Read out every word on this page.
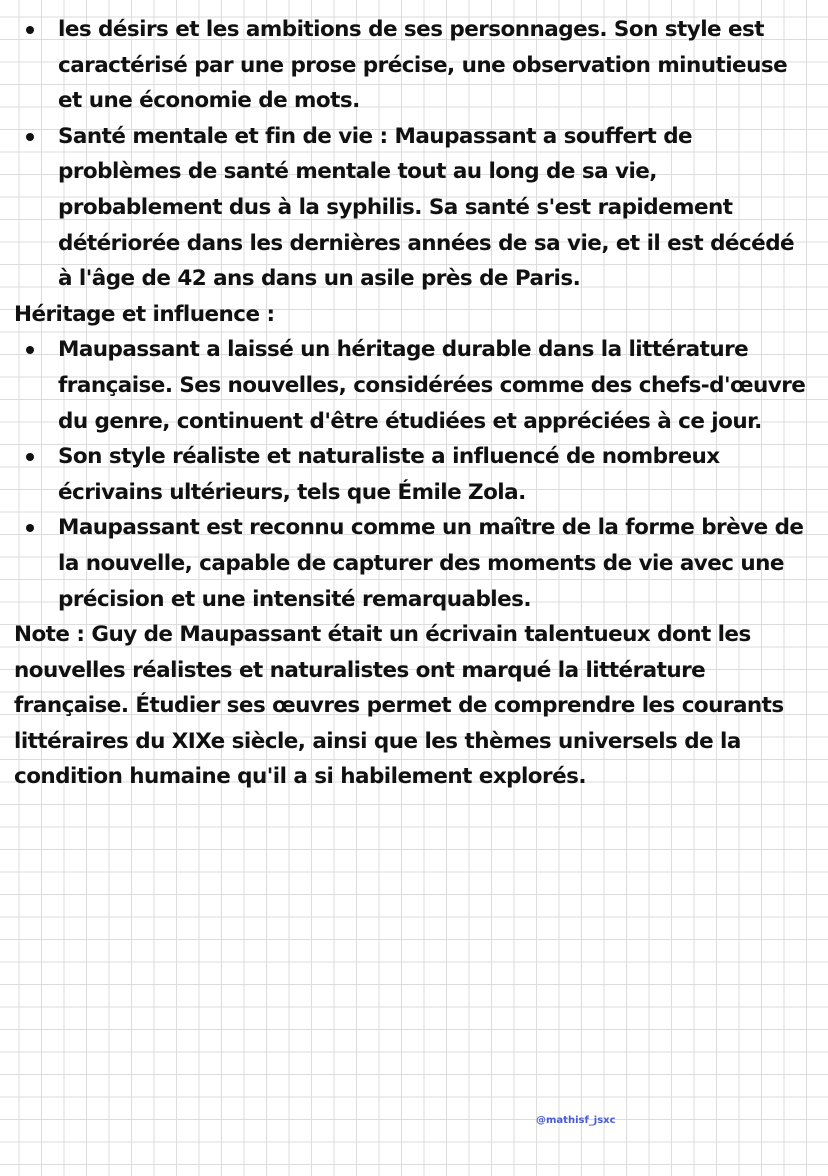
les désirs et les ambitions de ses personnages. Son style est caractérisé par une prose précise, une observation minutieuse et une économie de mots.
Santé mentale et fin de vie : Maupassant a souffert de problèmes de santé mentale tout au long de sa vie, probablement dus à la syphilis. Sa santé s'est rapidement détériorée dans les dernières années de sa vie, et il est décédé à l'âge de 42 ans dans un asile près de Paris.

Héritage et influence :

Maupassant a laissé un héritage durable dans la littérature française. Ses nouvelles, considérées comme des chefs-d'œuvre du genre, continuent d'être étudiées et appréciées à ce jour.
Son style réaliste et naturaliste a influencé de nombreux écrivains ultérieurs, tels que Émile Zola.
Maupassant est reconnu comme un maître de la forme brève de la nouvelle, capable de capturer des moments de vie avec une précision et une intensité remarquables.

Note : Guy de Maupassant était un écrivain talentueux dont les nouvelles réalistes et naturalistes ont marqué la littérature française. Étudier ses œuvres permet de comprendre les courants littéraires du XIXe siècle, ainsi que les thèmes universels de la condition humaine qu'il a si habilement explorés.

@mathisf_jsxc
